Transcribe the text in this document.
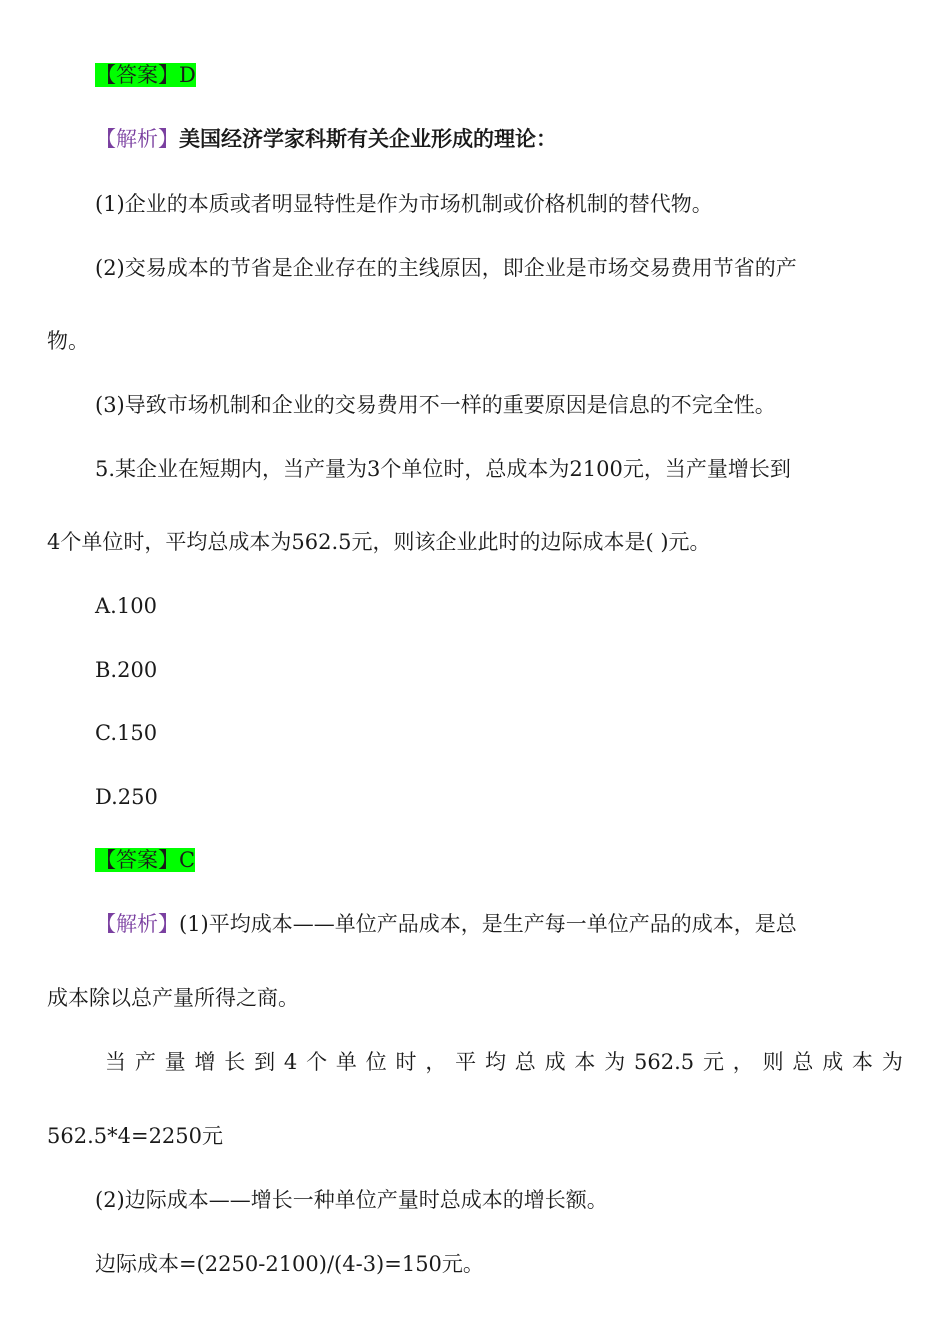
【答案】D
【解析】美国经济学家科斯有关企业形成的理论：
(1)企业的本质或者明显特性是作为市场机制或价格机制的替代物。
(2)交易成本的节省是企业存在的主线原因，即企业是市场交易费用节省的产
物。
(3)导致市场机制和企业的交易费用不一样的重要原因是信息的不完全性。
5.某企业在短期内，当产量为3个单位时，总成本为2100元，当产量增长到
4个单位时，平均总成本为562.5元，则该企业此时的边际成本是( )元。
A.100
B.200
C.150
D.250
【答案】C
【解析】(1)平均成本——单位产品成本，是生产每一单位产品的成本，是总
成本除以总产量所得之商。
当 产 量 增 长 到 4 个 单 位 时 ， 平 均 总 成 本 为 562.5 元 ， 则 总 成 本 为
562.5*4=2250元
(2)边际成本——增长一种单位产量时总成本的增长额。
边际成本=(2250-2100)/(4-3)=150元。
